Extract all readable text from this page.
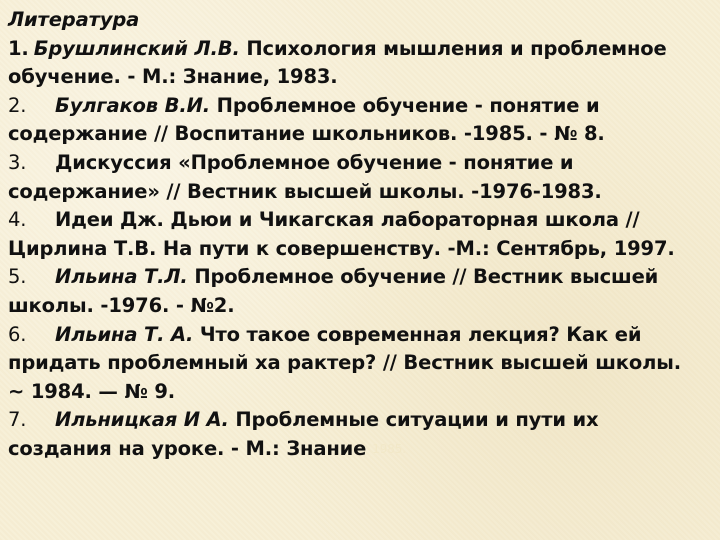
Литература
1. Брушлинский Л.В. Психология мышления и проблемное
обучение. - М.: Знание, 1983.
2. Булгаков В.И. Проблемное обучение - понятие и
содержание // Воспитание школьников. -1985. - № 8.
3. Дискуссия «Проблемное обучение - понятие и
содержание» // Вестник высшей школы. -1976-1983.
4. Идеи Дж. Дьюи и Чикагская лабораторная школа //
Цирлина Т.В. На пути к совершенству. -М.: Сентябрь, 1997.
5. Ильина Т.Л. Проблемное обучение // Вестник высшей
школы. -1976. - №2.
6. Ильина Т. А. Что такое современная лекция? Как ей
придать проблемный ха рактер? // Вестник высшей школы.
~ 1984. — № 9.
7. Ильницкая И А. Проблемные ситуации и пути их
создания на уроке. - М.: Знание 1985.
